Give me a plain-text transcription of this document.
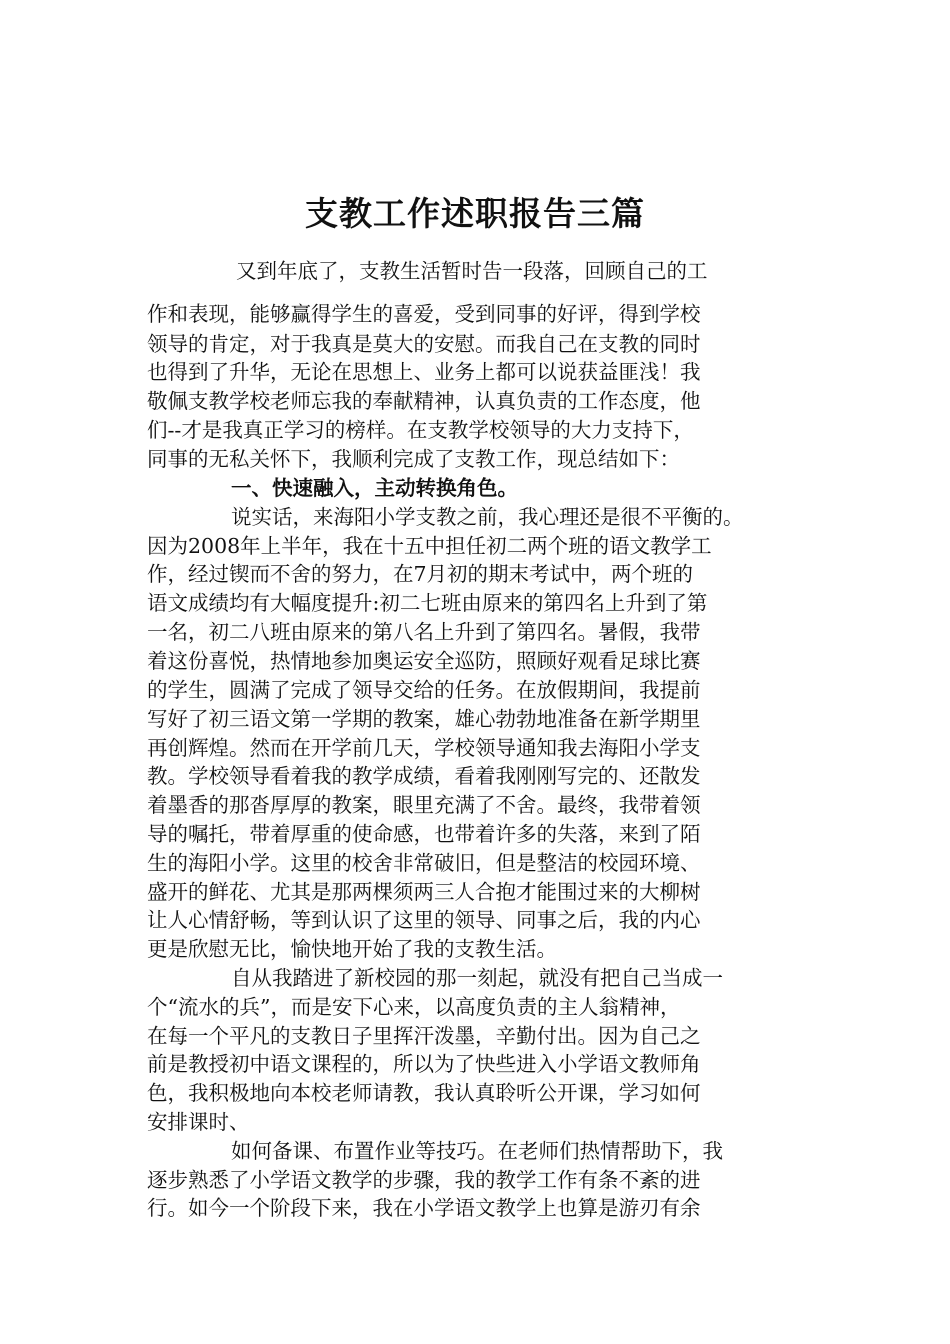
支教工作述职报告三篇

又到年底了，支教生活暂时告一段落，回顾自己的工

作和表现，能够赢得学生的喜爱，受到同事的好评，得到学校

领导的肯定，对于我真是莫大的安慰。而我自己在支教的同时

也得到了升华，无论在思想上、业务上都可以说获益匪浅！我

敬佩支教学校老师忘我的奉献精神，认真负责的工作态度，他

们--才是我真正学习的榜样。在支教学校领导的大力支持下，

同事的无私关怀下，我顺利完成了支教工作，现总结如下：

一、快速融入，主动转换角色。

说实话，来海阳小学支教之前，我心理还是很不平衡的。

因为2008年上半年，我在十五中担任初二两个班的语文教学工

作，经过锲而不舍的努力，在7月初的期末考试中，两个班的

语文成绩均有大幅度提升:初二七班由原来的第四名上升到了第

一名，初二八班由原来的第八名上升到了第四名。暑假，我带

着这份喜悦，热情地参加奥运安全巡防，照顾好观看足球比赛

的学生，圆满了完成了领导交给的任务。在放假期间，我提前

写好了初三语文第一学期的教案，雄心勃勃地准备在新学期里

再创辉煌。然而在开学前几天，学校领导通知我去海阳小学支

教。学校领导看着我的教学成绩，看着我刚刚写完的、还散发

着墨香的那沓厚厚的教案，眼里充满了不舍。最终，我带着领

导的嘱托，带着厚重的使命感，也带着许多的失落，来到了陌

生的海阳小学。这里的校舍非常破旧，但是整洁的校园环境、

盛开的鲜花、尤其是那两棵须两三人合抱才能围过来的大柳树

让人心情舒畅，等到认识了这里的领导、同事之后，我的内心

更是欣慰无比，愉快地开始了我的支教生活。

自从我踏进了新校园的那一刻起，就没有把自己当成一

个“流水的兵”，而是安下心来，以高度负责的主人翁精神，

在每一个平凡的支教日子里挥汗泼墨，辛勤付出。因为自己之

前是教授初中语文课程的，所以为了快些进入小学语文教师角

色，我积极地向本校老师请教，我认真聆听公开课，学习如何

安排课时、

如何备课、布置作业等技巧。在老师们热情帮助下，我

逐步熟悉了小学语文教学的步骤，我的教学工作有条不紊的进

行。如今一个阶段下来，我在小学语文教学上也算是游刃有余
